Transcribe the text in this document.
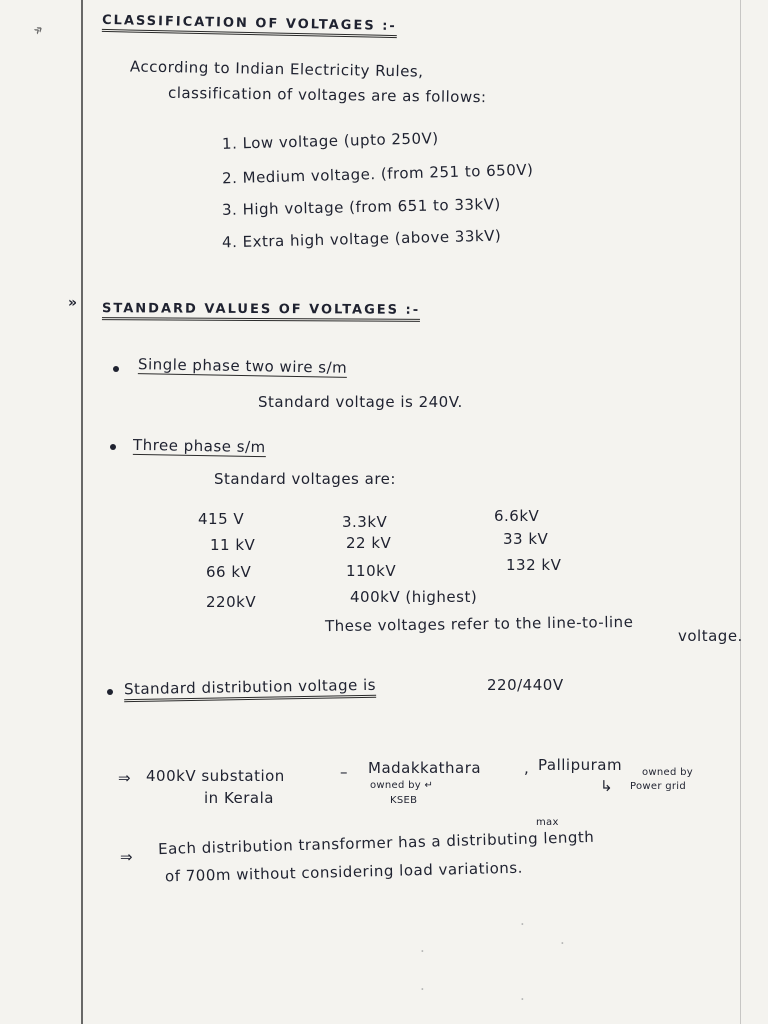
»	CLASSIFICATION OF VOLTAGES :-
According to Indian Electricity Rules,
classification of voltages are as follows:
1. Low voltage (upto 250V)
2. Medium voltage. (from 251 to 650V)
3. High voltage (from 651 to 33kV)
4. Extra high voltage (above 33kV)
» STANDARD VALUES OF VOLTAGES :-
Single phase two wire s/m
Standard voltage is 240V.
Three phase s/m
Standard voltages are:
415 V	3.3kV	6.6kV
11 kV	22 kV	33 kV
66 kV	110kV	132 kV
220kV	400kV (highest)
These voltages refer to the line-to-line
voltage.
Standard distribution voltage is	220/440V
⇒ 400kV substation
in Kerala
– Madakkathara
owned by ↵
KSEB
, Pallipuram owned by
↳ Power grid
max
⇒ Each distribution transformer has a distributing length
of 700m without considering load variations.
.
.
.
.
.
